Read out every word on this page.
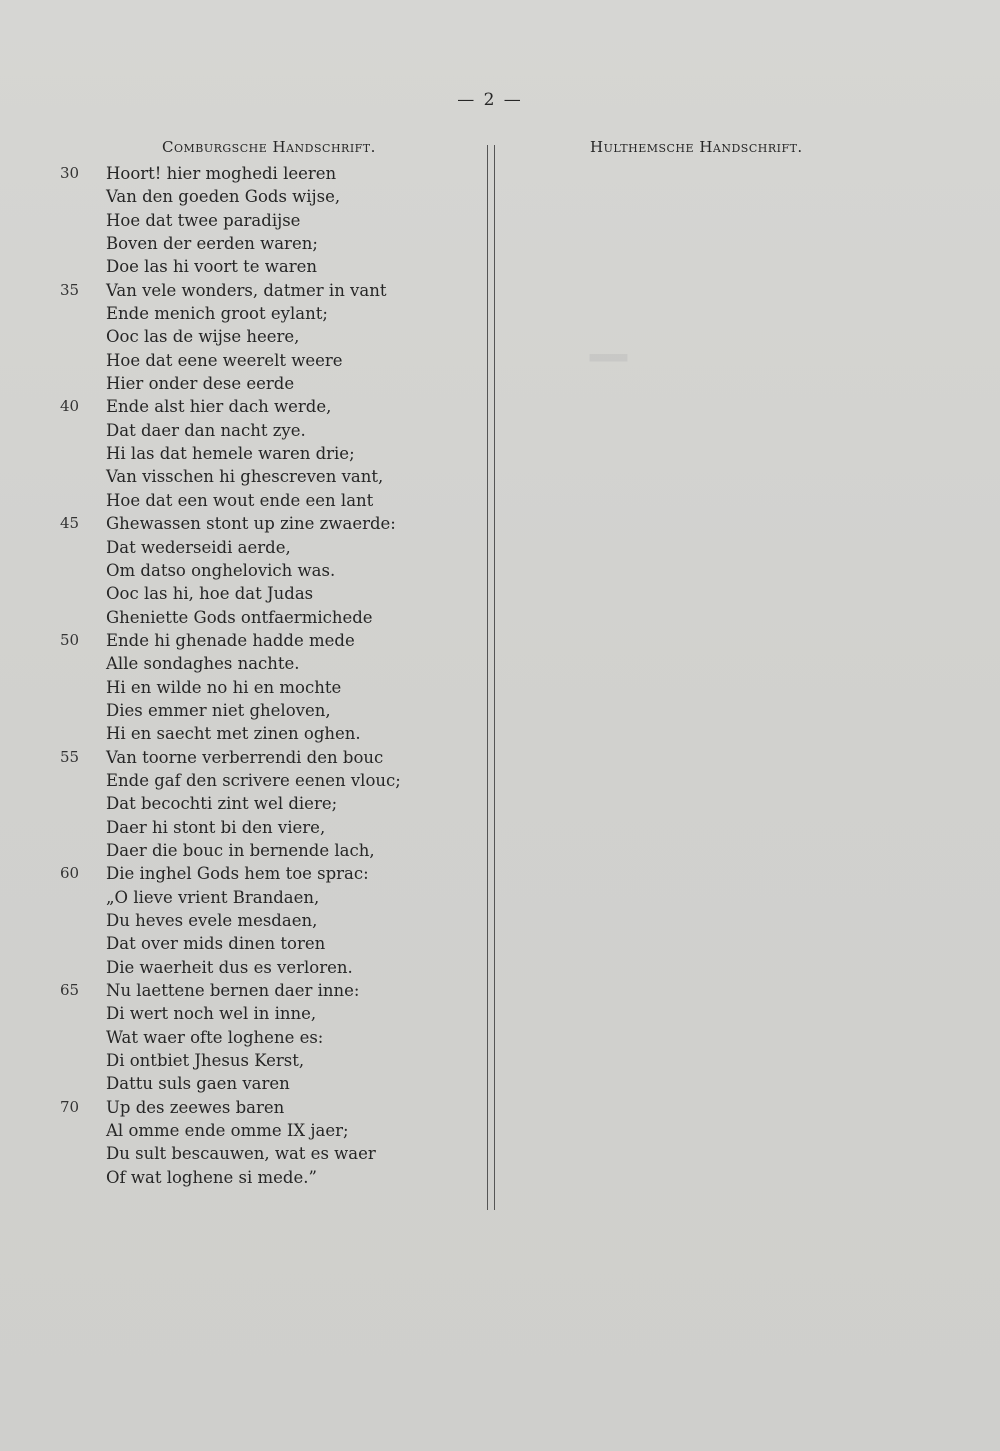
▔
— 2 —
Comburgsche Handschrift.	Hulthemsche Handschrift.
30 Hoort! hier moghedi leeren
Van den goeden Gods wijse,
Hoe dat twee paradijse
Boven der eerden waren;
Doe las hi voort te waren
35 Van vele wonders, datmer in vant
Ende menich groot eylant;
Ooc las de wijse heere,
Hoe dat eene weerelt weere
Hier onder dese eerde
40 Ende alst hier dach werde,
Dat daer dan nacht zye.
Hi las dat hemele waren drie;
Van visschen hi ghescreven vant,
Hoe dat een wout ende een lant
45 Ghewassen stont up zine zwaerde:
Dat wederseidi aerde,
Om datso onghelovich was.
Ooc las hi, hoe dat Judas
Gheniette Gods ontfaermichede
50 Ende hi ghenade hadde mede
Alle sondaghes nachte.
Hi en wilde no hi en mochte
Dies emmer niet gheloven,
Hi en saecht met zinen oghen.
55 Van toorne verberrendi den bouc
Ende gaf den scrivere eenen vlouc;
Dat becochti zint wel diere;
Daer hi stont bi den viere,
Daer die bouc in bernende lach,
60 Die inghel Gods hem toe sprac:
„O lieve vrient Brandaen,
Du heves evele mesdaen,
Dat over mids dinen toren
Die waerheit dus es verloren.
65 Nu laettene bernen daer inne:
Di wert noch wel in inne,
Wat waer ofte loghene es:
Di ontbiet Jhesus Kerst,
Dattu suls gaen varen
70 Up des zeewes baren
Al omme ende omme IX jaer;
Du sult bescauwen, wat es waer
Of wat loghene si mede.”
